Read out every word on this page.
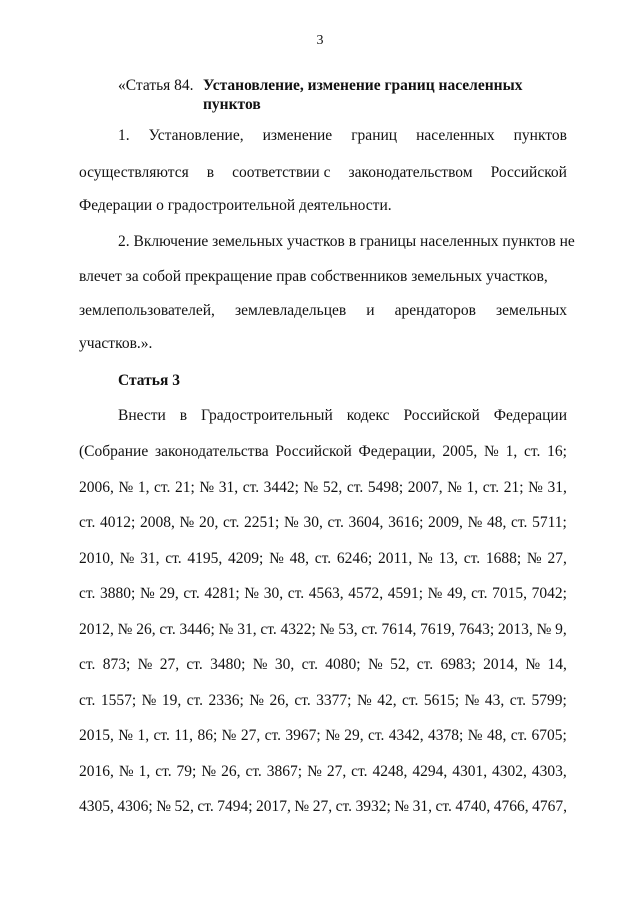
3
«Статья 84. Установление, изменение границ населенных пунктов
1. Установление, изменение границ населенных пунктов
осуществляются в соответствии с законодательством Российской
Федерации о градостроительной деятельности.
2. Включение земельных участков в границы населенных пунктов не
влечет за собой прекращение прав собственников земельных участков,
землепользователей, землевладельцев и арендаторов земельных
участков.».
Статья 3
Внести в Градостроительный кодекс Российской Федерации
(Собрание законодательства Российской Федерации, 2005, № 1, ст. 16;
2006, № 1, ст. 21; № 31, ст. 3442; № 52, ст. 5498; 2007, № 1, ст. 21; № 31,
ст. 4012; 2008, № 20, ст. 2251; № 30, ст. 3604, 3616; 2009, № 48, ст. 5711;
2010, № 31, ст. 4195, 4209; № 48, ст. 6246; 2011, № 13, ст. 1688; № 27,
ст. 3880; № 29, ст. 4281; № 30, ст. 4563, 4572, 4591; № 49, ст. 7015, 7042;
2012, № 26, ст. 3446; № 31, ст. 4322; № 53, ст. 7614, 7619, 7643; 2013, № 9,
ст. 873; № 27, ст. 3480; № 30, ст. 4080; № 52, ст. 6983; 2014, № 14,
ст. 1557; № 19, ст. 2336; № 26, ст. 3377; № 42, ст. 5615; № 43, ст. 5799;
2015, № 1, ст. 11, 86; № 27, ст. 3967; № 29, ст. 4342, 4378; № 48, ст. 6705;
2016, № 1, ст. 79; № 26, ст. 3867; № 27, ст. 4248, 4294, 4301, 4302, 4303,
4305, 4306; № 52, ст. 7494; 2017, № 27, ст. 3932; № 31, ст. 4740, 4766, 4767,
